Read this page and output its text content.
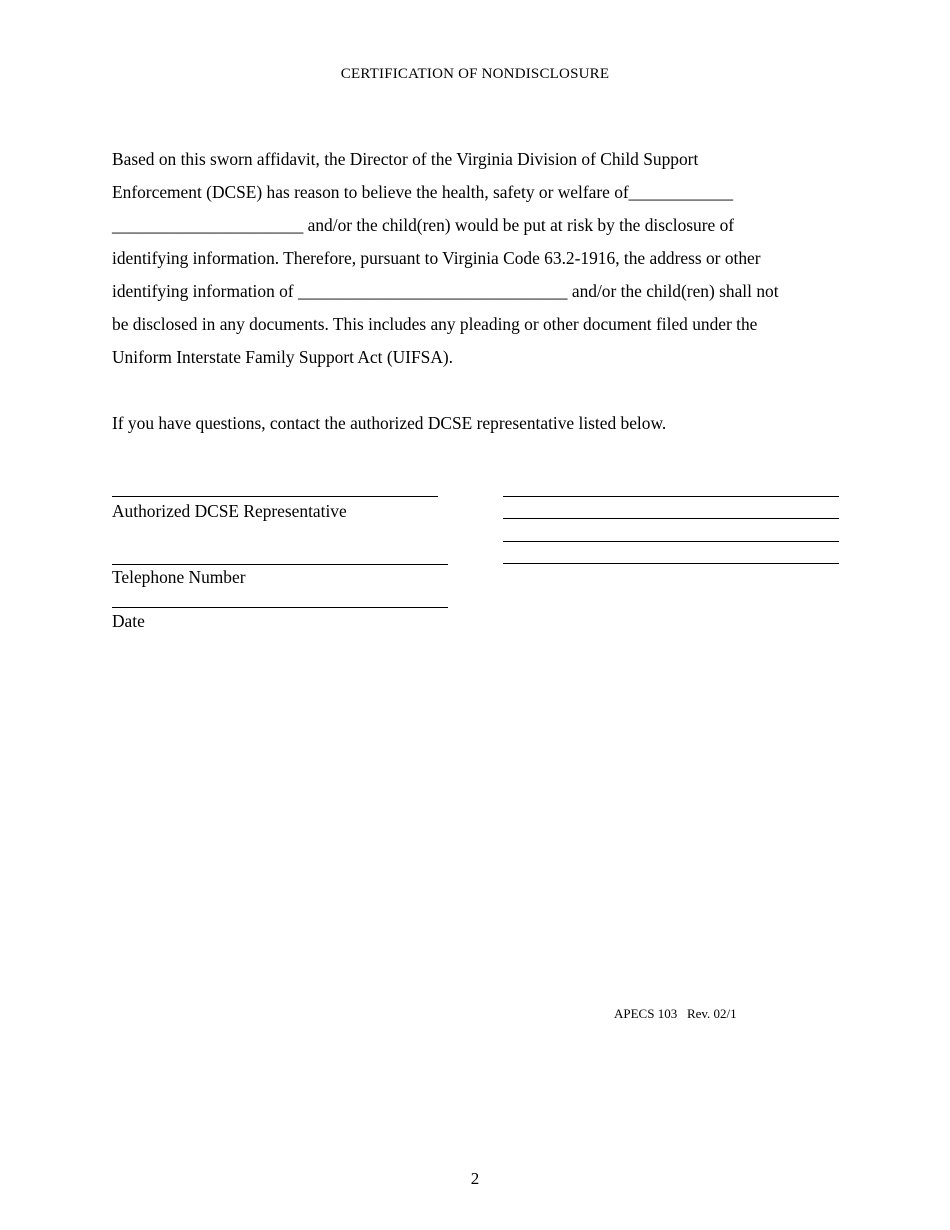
CERTIFICATION OF NONDISCLOSURE
Based on this sworn affidavit, the Director of the Virginia Division of Child Support
Enforcement (DCSE) has reason to believe the health, safety or welfare of____________
______________________ and/or the child(ren) would be put at risk by the disclosure of
identifying information. Therefore, pursuant to Virginia Code 63.2-1916, the address or other
identifying information of _______________________________ and/or the child(ren) shall not
be disclosed in any documents. This includes any pleading or other document filed under the
Uniform Interstate Family Support Act (UIFSA).
If you have questions, contact the authorized DCSE representative listed below.
Authorized DCSE Representative
Telephone Number
Date
APECS 103   Rev. 02/1
2
